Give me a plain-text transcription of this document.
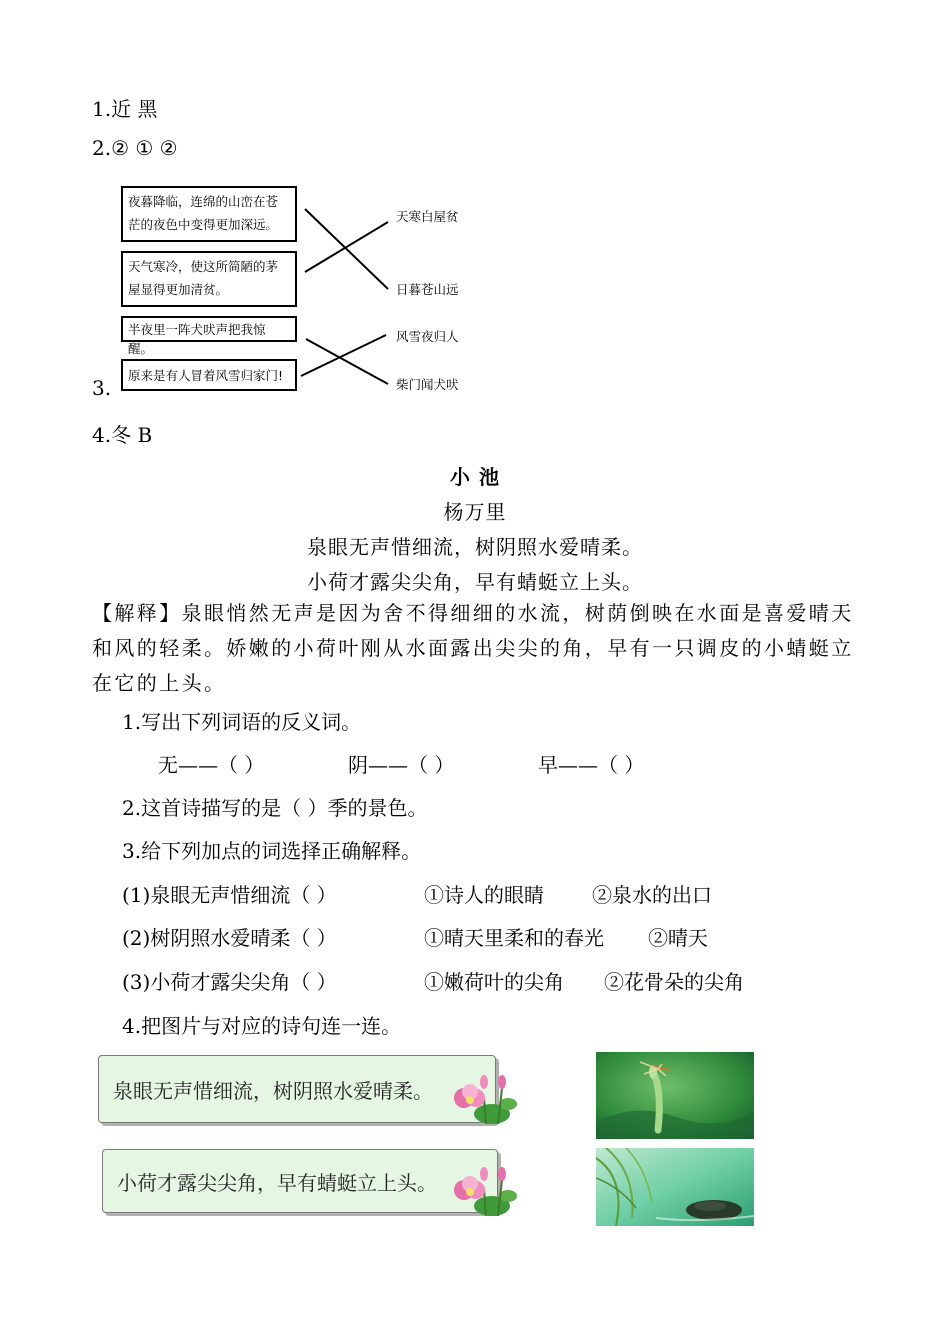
1.近 黑
2.② ① ②
夜暮降临，连绵的山峦在苍茫的夜色中变得更加深远。
天气寒冷，使这所简陋的茅屋显得更加清贫。
半夜里一阵犬吠声把我惊醒。
原来是有人冒着风雪归家门!
天寒白屋贫
日暮苍山远
风雪夜归人
柴门闻犬吠
3.
4.冬 B
小 池
杨万里
泉眼无声惜细流，树阴照水爱晴柔。
小荷才露尖尖角，早有蜻蜓立上头。
【解释】泉眼悄然无声是因为舍不得细细的水流，树荫倒映在水面是喜爱晴天和风的轻柔。娇嫩的小荷叶刚从水面露出尖尖的角，早有一只调皮的小蜻蜓立在它的上头。
1.写出下列词语的反义词。
无——（ ）	阴——（ ）	早——（ ）
2.这首诗描写的是（ ）季的景色。
3.给下列加点的词选择正确解释。
(1)泉眼无声惜细流（ ）	①诗人的眼睛 ②泉水的出口
(2)树阴照水爱晴柔（ ）	①晴天里柔和的春光 ②晴天
(3)小荷才露尖尖角（ ）	①嫩荷叶的尖角 ②花骨朵的尖角
4.把图片与对应的诗句连一连。
泉眼无声惜细流，树阴照水爱晴柔。
小荷才露尖尖角，早有蜻蜓立上头。
